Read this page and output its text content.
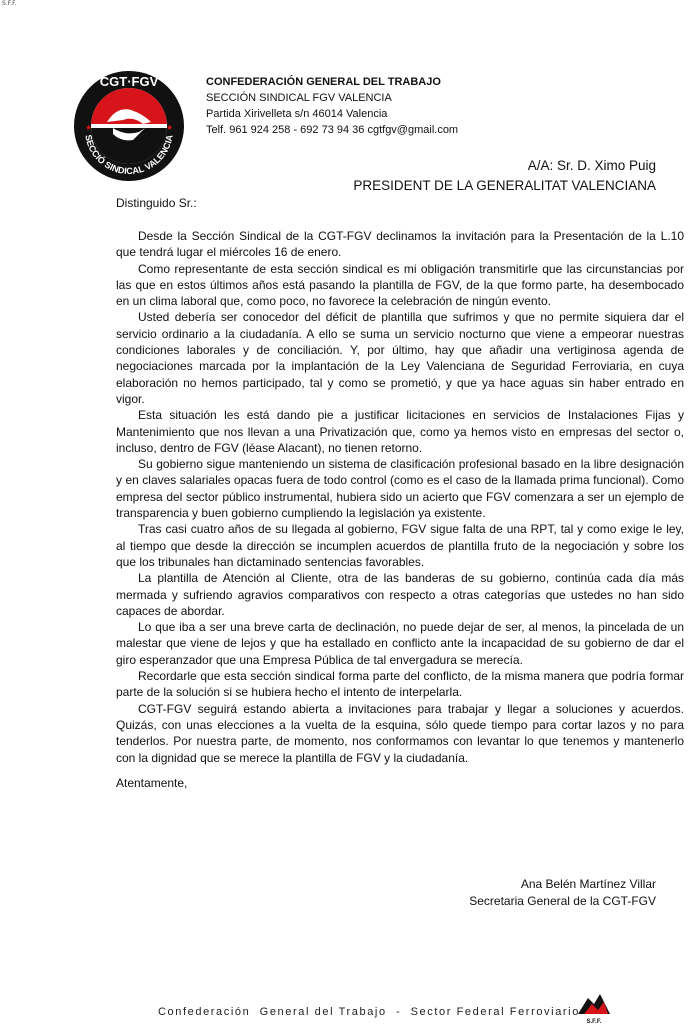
S.F.F.
CGT·FGV
SECCIÓ SINDICAL VALENCIA
★	★
CONFEDERACIÓN GENERAL DEL TRABAJO
SECCIÓN SINDICAL FGV VALENCIA
Partida Xirivelleta s/n 46014 Valencia
Telf. 961 924 258 - 692 73 94 36 cgtfgv@gmail.com
A/A: Sr. D. Ximo Puig
PRESIDENT DE LA GENERALITAT VALENCIANA
Distinguido Sr.:

Desde la Sección Sindical de la CGT-FGV declinamos la invitación para la Presentación de la L.10 que tendrá lugar el miércoles 16 de enero.

Como representante de esta sección sindical es mi obligación transmitirle que las circunstancias por las que en estos últimos años está pasando la plantilla de FGV, de la que formo parte, ha desembocado en un clima laboral que, como poco, no favorece la celebración de ningún evento.

Usted debería ser conocedor del déficit de plantilla que sufrimos y que no permite siquiera dar el servicio ordinario a la ciudadanía. A ello se suma un servicio nocturno que viene a empeorar nuestras condiciones laborales y de conciliación. Y, por último, hay que añadir una vertiginosa agenda de negociaciones marcada por la implantación de la Ley Valenciana de Seguridad Ferroviaria, en cuya elaboración no hemos participado, tal y como se prometió, y que ya hace aguas sin haber entrado en vigor.

Esta situación les está dando pie a justificar licitaciones en servicios de Instalaciones Fijas y Mantenimiento que nos llevan a una Privatización que, como ya hemos visto en empresas del sector o, incluso, dentro de FGV (léase Alacant), no tienen retorno.

Su gobierno sigue manteniendo un sistema de clasificación profesional basado en la libre designación y en claves salariales opacas fuera de todo control (como es el caso de la llamada prima funcional). Como empresa del sector público instrumental, hubiera sido un acierto que FGV comenzara a ser un ejemplo de transparencia y buen gobierno cumpliendo la legislación ya existente.

Tras casi cuatro años de su llegada al gobierno, FGV sigue falta de una RPT, tal y como exige le ley, al tiempo que desde la dirección se incumplen acuerdos de plantilla fruto de la negociación y sobre los que los tribunales han dictaminado sentencias favorables.

La plantilla de Atención al Cliente, otra de las banderas de su gobierno, continúa cada día más mermada y sufriendo agravios comparativos con respecto a otras categorías que ustedes no han sido capaces de abordar.

Lo que iba a ser una breve carta de declinación, no puede dejar de ser, al menos, la pincelada de un malestar que viene de lejos y que ha estallado en conflicto ante la incapacidad de su gobierno de dar el giro esperanzador que una Empresa Pública de tal envergadura se merecía.

Recordarle que esta sección sindical forma parte del conflicto, de la misma manera que podría formar parte de la solución si se hubiera hecho el intento de interpelarla.

CGT-FGV seguirá estando abierta a invitaciones para trabajar y llegar a soluciones y acuerdos. Quizás, con unas elecciones a la vuelta de la esquina, sólo quede tiempo para cortar lazos y no para tenderlos. Por nuestra parte, de momento, nos conformamos con levantar lo que tenemos y mantenerlo con la dignidad que se merece la plantilla de FGV y la ciudadanía.

Atentamente,
Ana Belén Martínez Villar
Secretaria General de la CGT-FGV
Confederación  General del Trabajo  -  Sector Federal Ferroviario
S.F.F.
